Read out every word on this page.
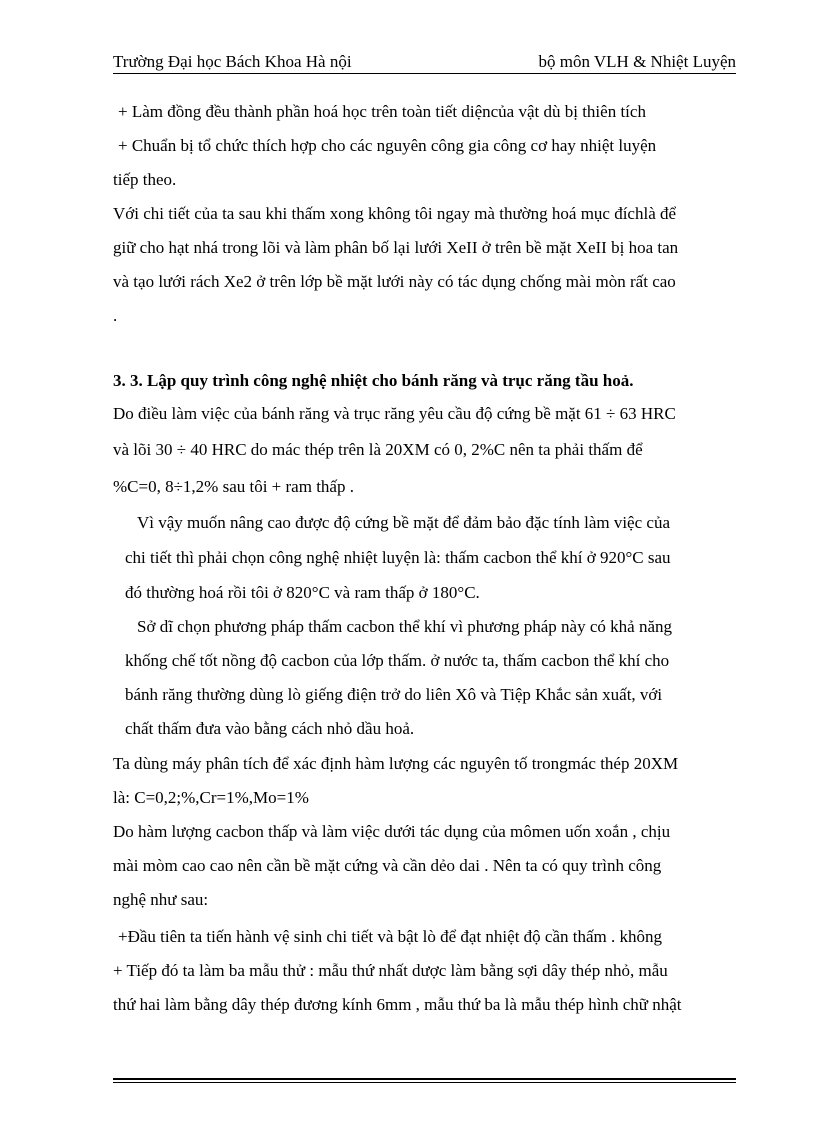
Trường Đại học Bách Khoa Hà nội	bộ môn VLH & Nhiệt Luyện
+ Làm đồng đều thành phần hoá học trên toàn tiết diệncủa vật dù bị thiên tích
+ Chuẩn bị tổ chức thích hợp cho các nguyên công gia công cơ hay nhiệt luyện
tiếp theo.
Với chi tiết của ta sau khi thấm xong không tôi ngay mà thường hoá mục đíchlà để
giữ cho hạt nhá trong lõi và làm phân bố lại lưới XeII ở trên bề mặt XeII bị hoa tan
và tạo lưới rách Xe2 ở trên lớp bề mặt lưới này có tác dụng chống mài mòn rất cao
.
3. 3. Lập quy trình công nghệ nhiệt cho bánh răng và trục răng tầu hoả.
Do điều làm việc của bánh răng và trục răng yêu cầu độ cứng bề mặt 61 ÷ 63 HRC
và lõi 30 ÷ 40 HRC do mác thép trên là 20XM có 0, 2%C nên ta phải thấm để
%C=0, 8÷1,2% sau tôi + ram thấp .
Vì vậy muốn nâng cao được độ cứng bề mặt để đảm bảo đặc tính làm việc của
chi tiết thì phải chọn công nghệ nhiệt luyện là: thấm cacbon thể khí ở 920°C sau
đó thường hoá rồi tôi ở 820°C và ram thấp ở 180°C.
Sở dĩ chọn phương pháp thấm cacbon thể khí vì phương pháp này có khả năng
khống chế tốt nồng độ cacbon của lớp thấm. ở nước ta, thấm cacbon thể khí cho
bánh răng thường dùng lò giếng điện trở do liên Xô và Tiệp Khắc sản xuất, với
chất thấm đưa vào bằng cách nhỏ dầu hoả.
Ta dùng máy phân tích để xác định hàm lượng các nguyên tố trongmác thép 20XM
là: C=0,2;%,Cr=1%,Mo=1%
Do hàm lượng cacbon thấp và làm việc dưới tác dụng của mômen uốn xoắn , chịu
mài mòm cao cao nên cần bề mặt cứng và cần dẻo dai . Nên ta có quy trình công
nghệ như sau:
+Đầu tiên ta tiến hành vệ sinh chi tiết và bật lò để đạt nhiệt độ cần thấm . không
+ Tiếp đó ta làm ba mẫu thử : mẫu thứ nhất dược làm bằng sợi dây thép nhỏ, mẫu
thứ hai làm bằng dây thép đương kính 6mm , mẫu thứ ba là mẫu thép hình chữ nhật
